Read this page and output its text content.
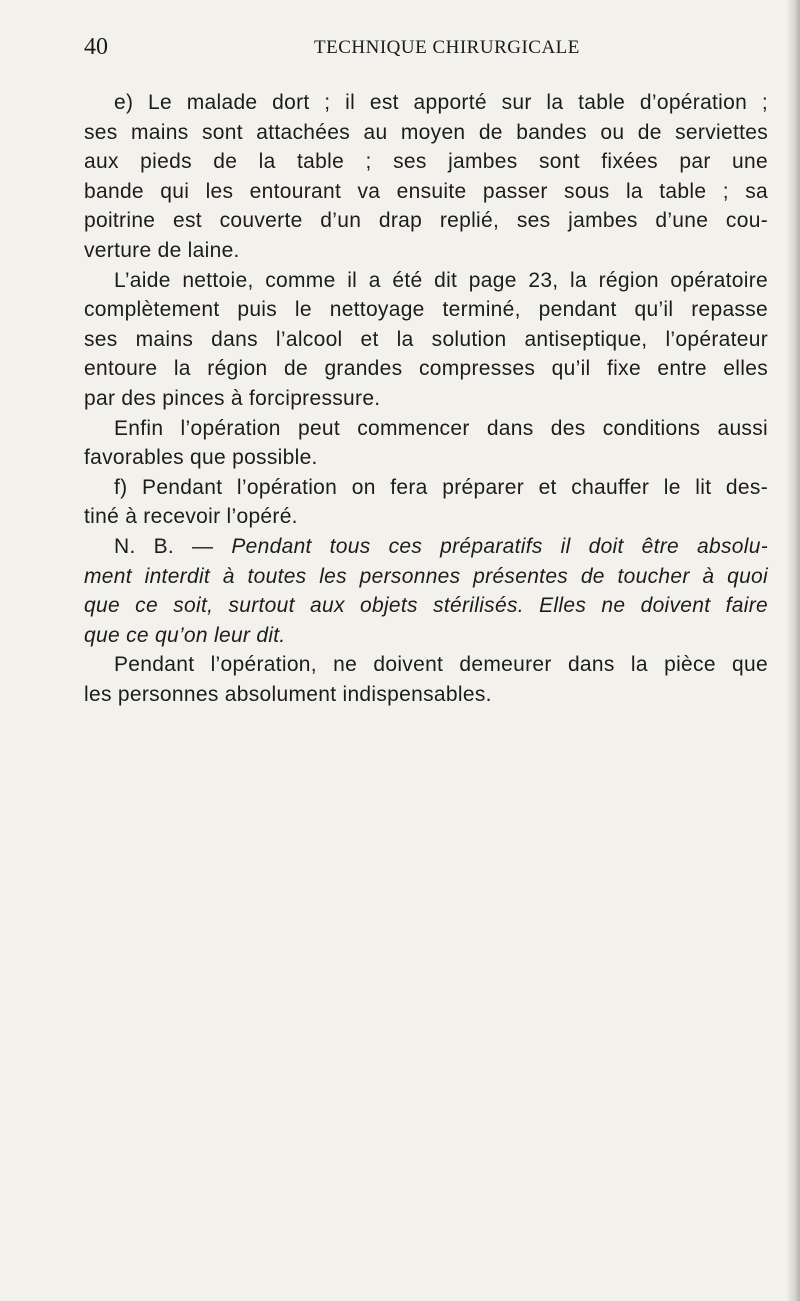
40	TECHNIQUE CHIRURGICALE
e) Le malade dort ; il est apporté sur la table d’opération ;
ses mains sont attachées au moyen de bandes ou de serviettes
aux pieds de la table ; ses jambes sont fixées par une
bande qui les entourant va ensuite passer sous la table ; sa
poitrine est couverte d’un drap replié, ses jambes d’une cou-
verture de laine.
L’aide nettoie, comme il a été dit page 23, la région opératoire
complètement puis le nettoyage terminé, pendant qu’il repasse
ses mains dans l’alcool et la solution antiseptique, l’opérateur
entoure la région de grandes compresses qu’il fixe entre elles
par des pinces à forcipressure.
Enfin l’opération peut commencer dans des conditions aussi
favorables que possible.
f) Pendant l’opération on fera préparer et chauffer le lit des-
tiné à recevoir l’opéré.
N. B. — Pendant tous ces préparatifs il doit être absolu-
ment interdit à toutes les personnes présentes de toucher à quoi
que ce soit, surtout aux objets stérilisés. Elles ne doivent faire
que ce qu’on leur dit.
Pendant l’opération, ne doivent demeurer dans la pièce que
les personnes absolument indispensables.
